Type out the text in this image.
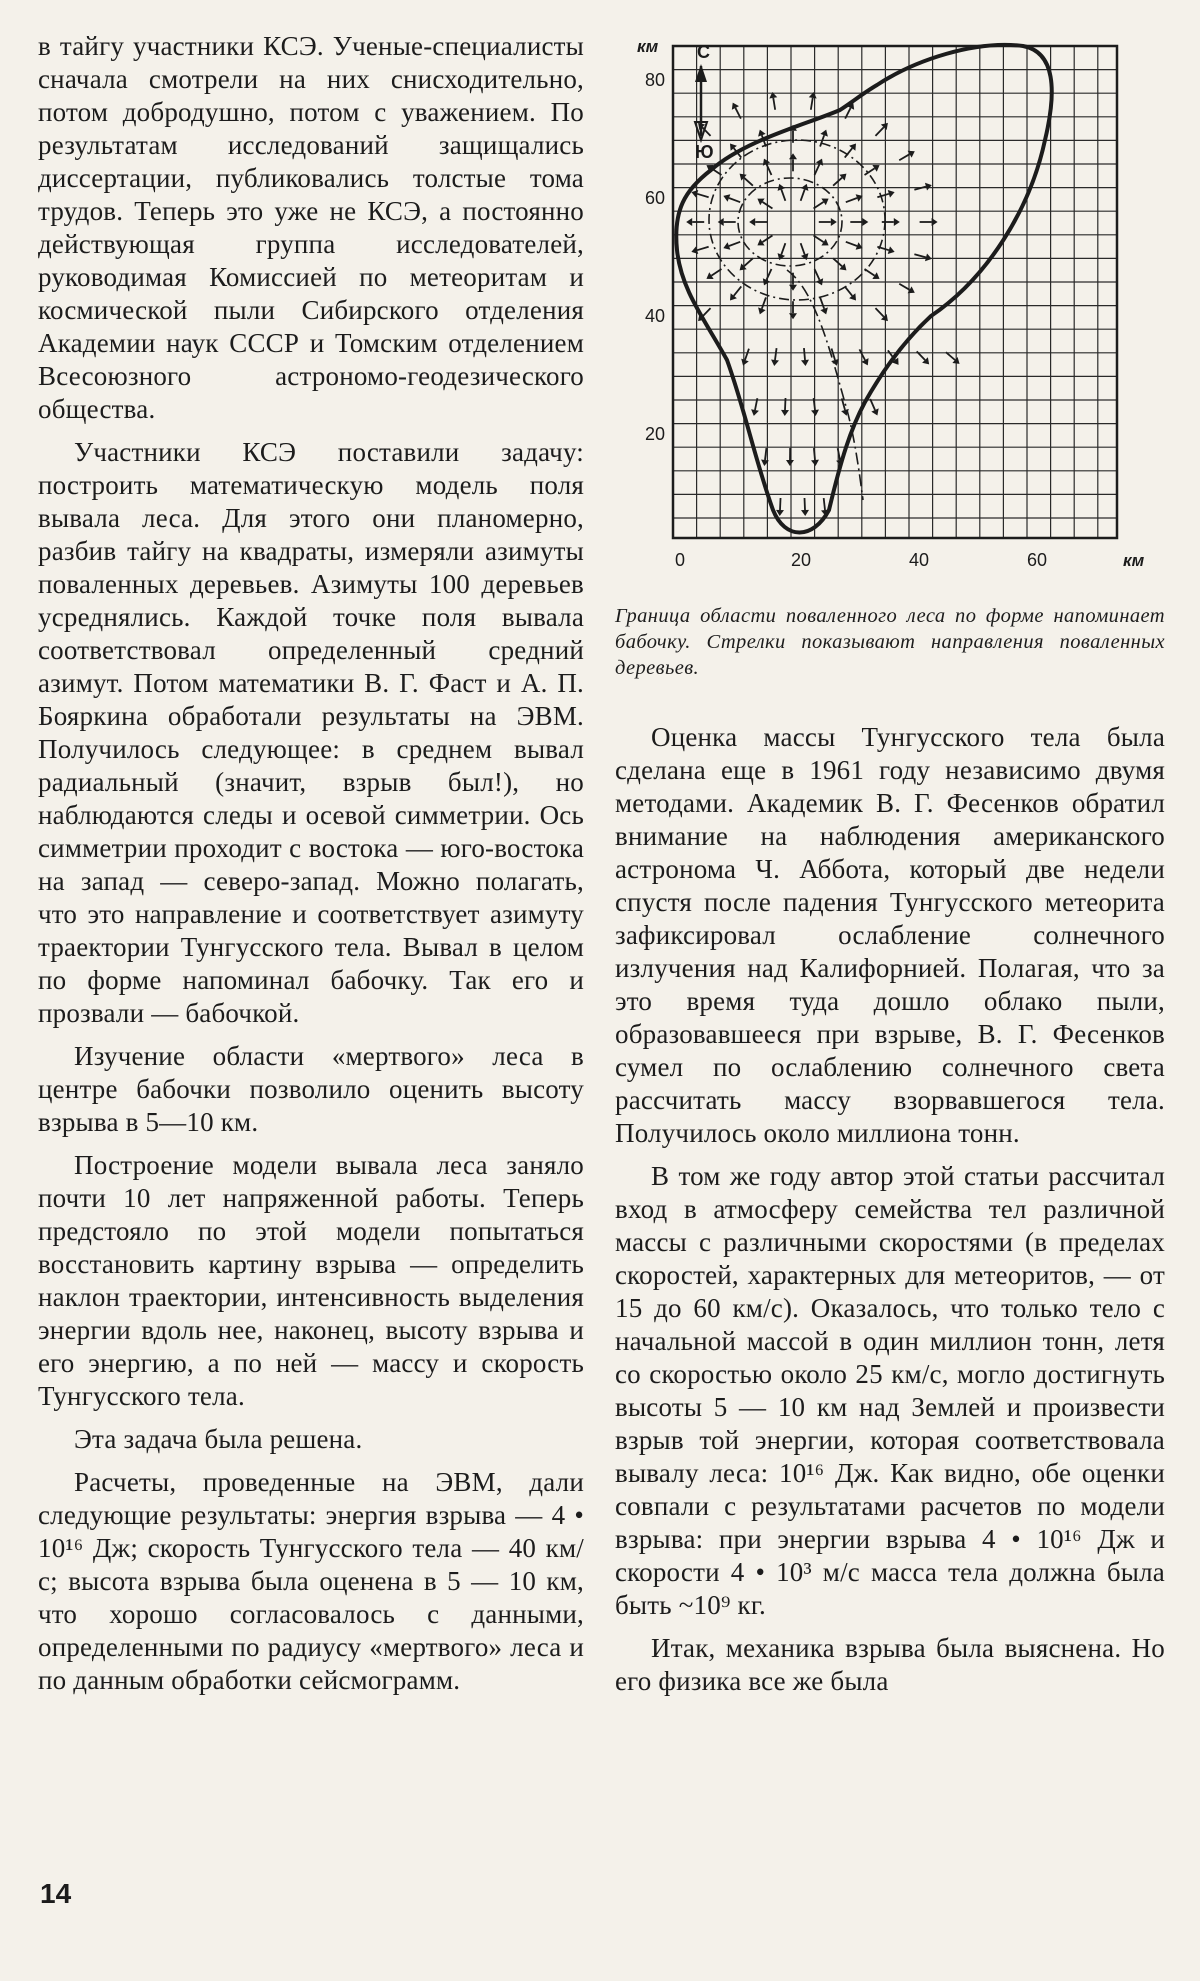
в тайгу участники КСЭ. Ученые-специалисты сначала смотрели на них снисходительно, потом добродушно, потом с уважением. По результатам исследований защищались диссертации, публиковались толстые тома трудов. Теперь это уже не КСЭ, а постоянно действующая группа исследователей, руководимая Комиссией по метеоритам и космической пыли Сибирского отделения Академии наук СССР и Томским отделением Всесоюзного астрономо-геодезического общества.

Участники КСЭ поставили задачу: построить математическую модель поля вывала леса. Для этого они планомерно, разбив тайгу на квадраты, измеряли азимуты поваленных деревьев. Азимуты 100 деревьев усреднялись. Каждой точке поля вывала соответствовал определенный средний азимут. Потом математики В. Г. Фаст и А. П. Бояркина обработали результаты на ЭВМ. Получилось следующее: в среднем вывал радиальный (значит, взрыв был!), но наблюдаются следы и осевой симметрии. Ось симметрии проходит с востока — юго-востока на запад — северо-запад. Можно полагать, что это направление и соответствует азимуту траектории Тунгусского тела. Вывал в целом по форме напоминал бабочку. Так его и прозвали — бабочкой.

Изучение области «мертвого» леса в центре бабочки позволило оценить высоту взрыва в 5—10 км.

Построение модели вывала леса заняло почти 10 лет напряженной работы. Теперь предстояло по этой модели попытаться восстановить картину взрыва — определить наклон траектории, интенсивность выделения энергии вдоль нее, наконец, высоту взрыва и его энергию, а по ней — массу и скорость Тунгусского тела.

Эта задача была решена.

Расчеты, проведенные на ЭВМ, дали следующие результаты: энергия взрыва — 4 • 10¹⁶ Дж; скорость Тунгусского тела — 40 км/с; высота взрыва была оценена в 5 — 10 км, что хорошо согласовалось с данными, определенными по радиусу «мертвого» леса и по данным обработки сейсмограмм.

км
80
60
40
20
0	20	40	60	км
С
Ю

Граница области поваленного леса по форме напоминает бабочку. Стрелки показывают направления поваленных деревьев.

Оценка массы Тунгусского тела была сделана еще в 1961 году независимо двумя методами. Академик В. Г. Фесенков обратил внимание на наблюдения американского астронома Ч. Аббота, который две недели спустя после падения Тунгусского метеорита зафиксировал ослабление солнечного излучения над Калифорнией. Полагая, что за это время туда дошло облако пыли, образовавшееся при взрыве, В. Г. Фесенков сумел по ослаблению солнечного света рассчитать массу взорвавшегося тела. Получилось около миллиона тонн.

В том же году автор этой статьи рассчитал вход в атмосферу семейства тел различной массы с различными скоростями (в пределах скоростей, характерных для метеоритов, — от 15 до 60 км/с). Оказалось, что только тело с начальной массой в один миллион тонн, летя со скоростью около 25 км/с, могло достигнуть высоты 5 — 10 км над Землей и произвести взрыв той энергии, которая соответствовала вывалу леса: 10¹⁶ Дж. Как видно, обе оценки совпали с результатами расчетов по модели взрыва: при энергии взрыва 4 • 10¹⁶ Дж и скорости 4 • 10³ м/с масса тела должна была быть ~10⁹ кг.

Итак, механика взрыва была выяснена. Но его физика все же была

14
